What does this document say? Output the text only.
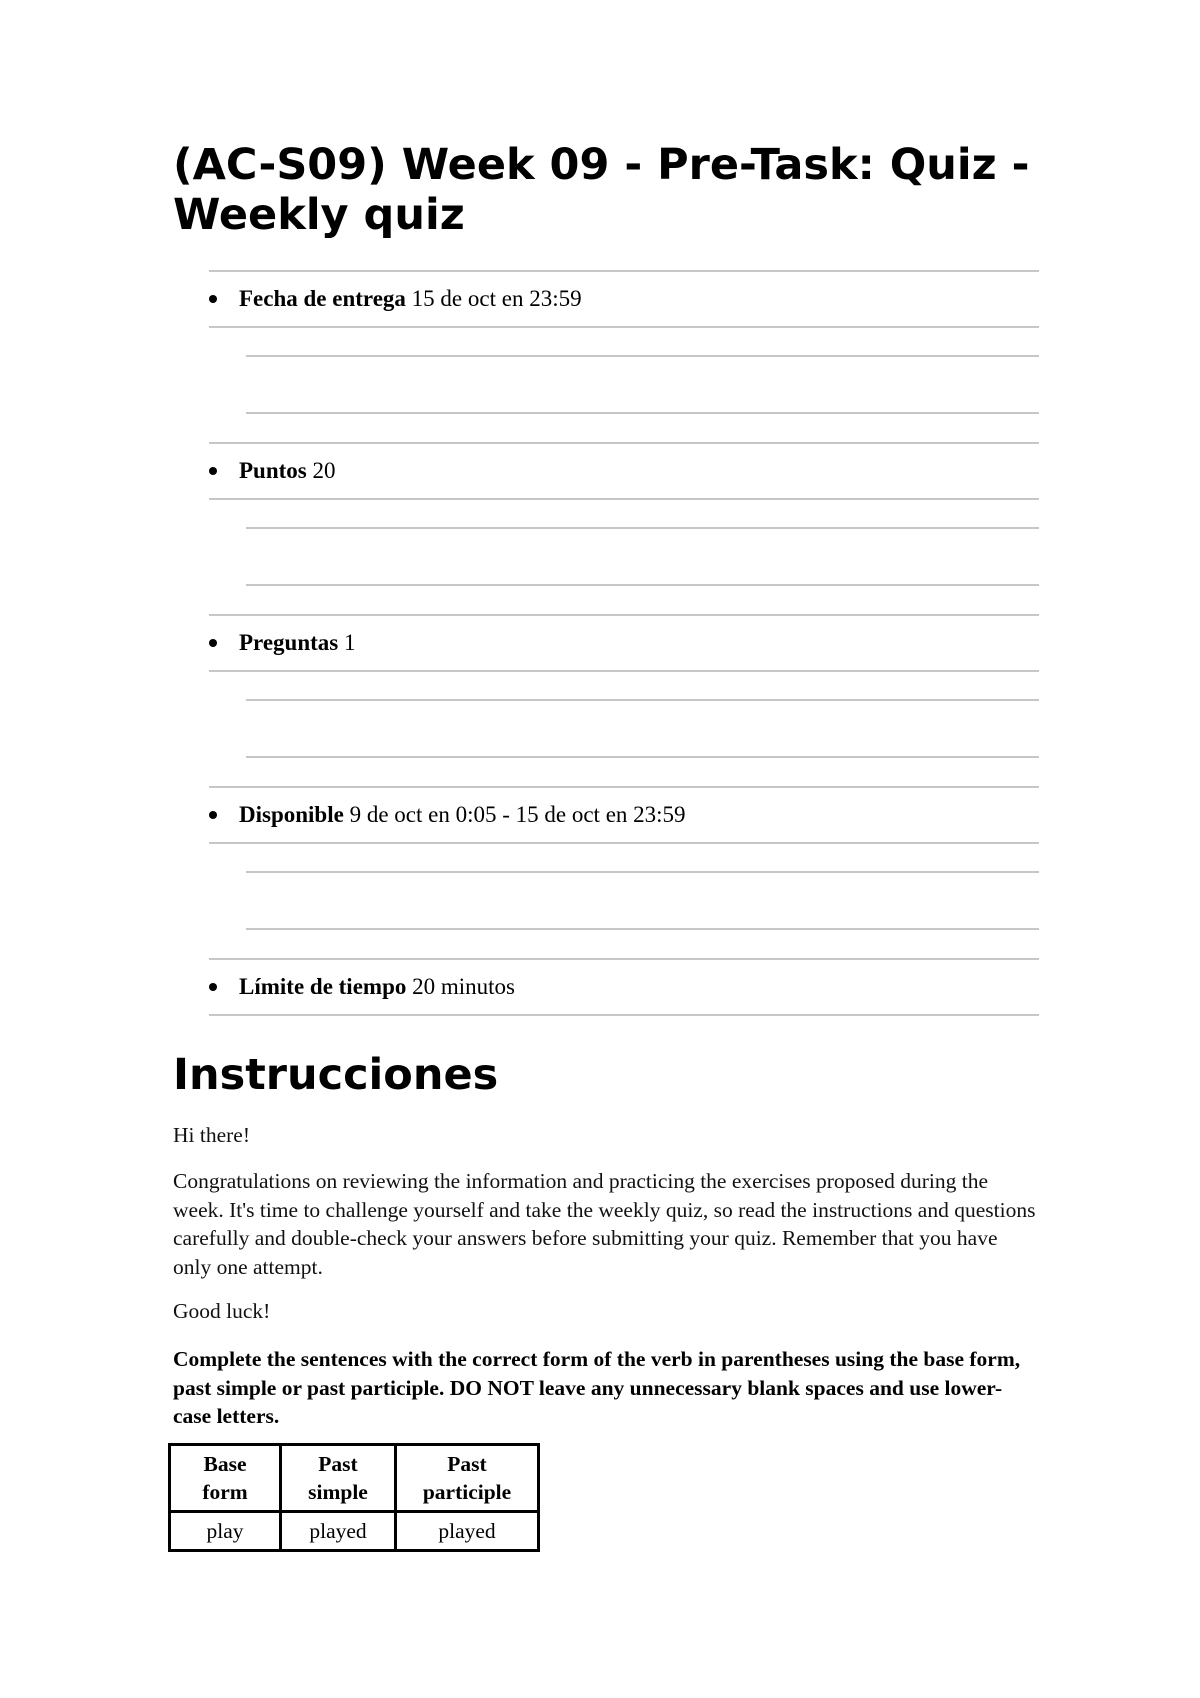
(AC-S09) Week 09 - Pre-Task: Quiz - Weekly quiz
Fecha de entrega 15 de oct en 23:59
Puntos 20
Preguntas 1
Disponible 9 de oct en 0:05 - 15 de oct en 23:59
Límite de tiempo 20 minutos
Instrucciones

Hi there!

Congratulations on reviewing the information and practicing the exercises proposed during the week. It's time to challenge yourself and take the weekly quiz, so read the instructions and questions carefully and double-check your answers before submitting your quiz. Remember that you have only one attempt.

Good luck!

Complete the sentences with the correct form of the verb in parentheses using the base form, past simple or past participle. DO NOT leave any unnecessary blank spaces and use lower-case letters.

Base form	Past simple	Past participle
play	played	played
